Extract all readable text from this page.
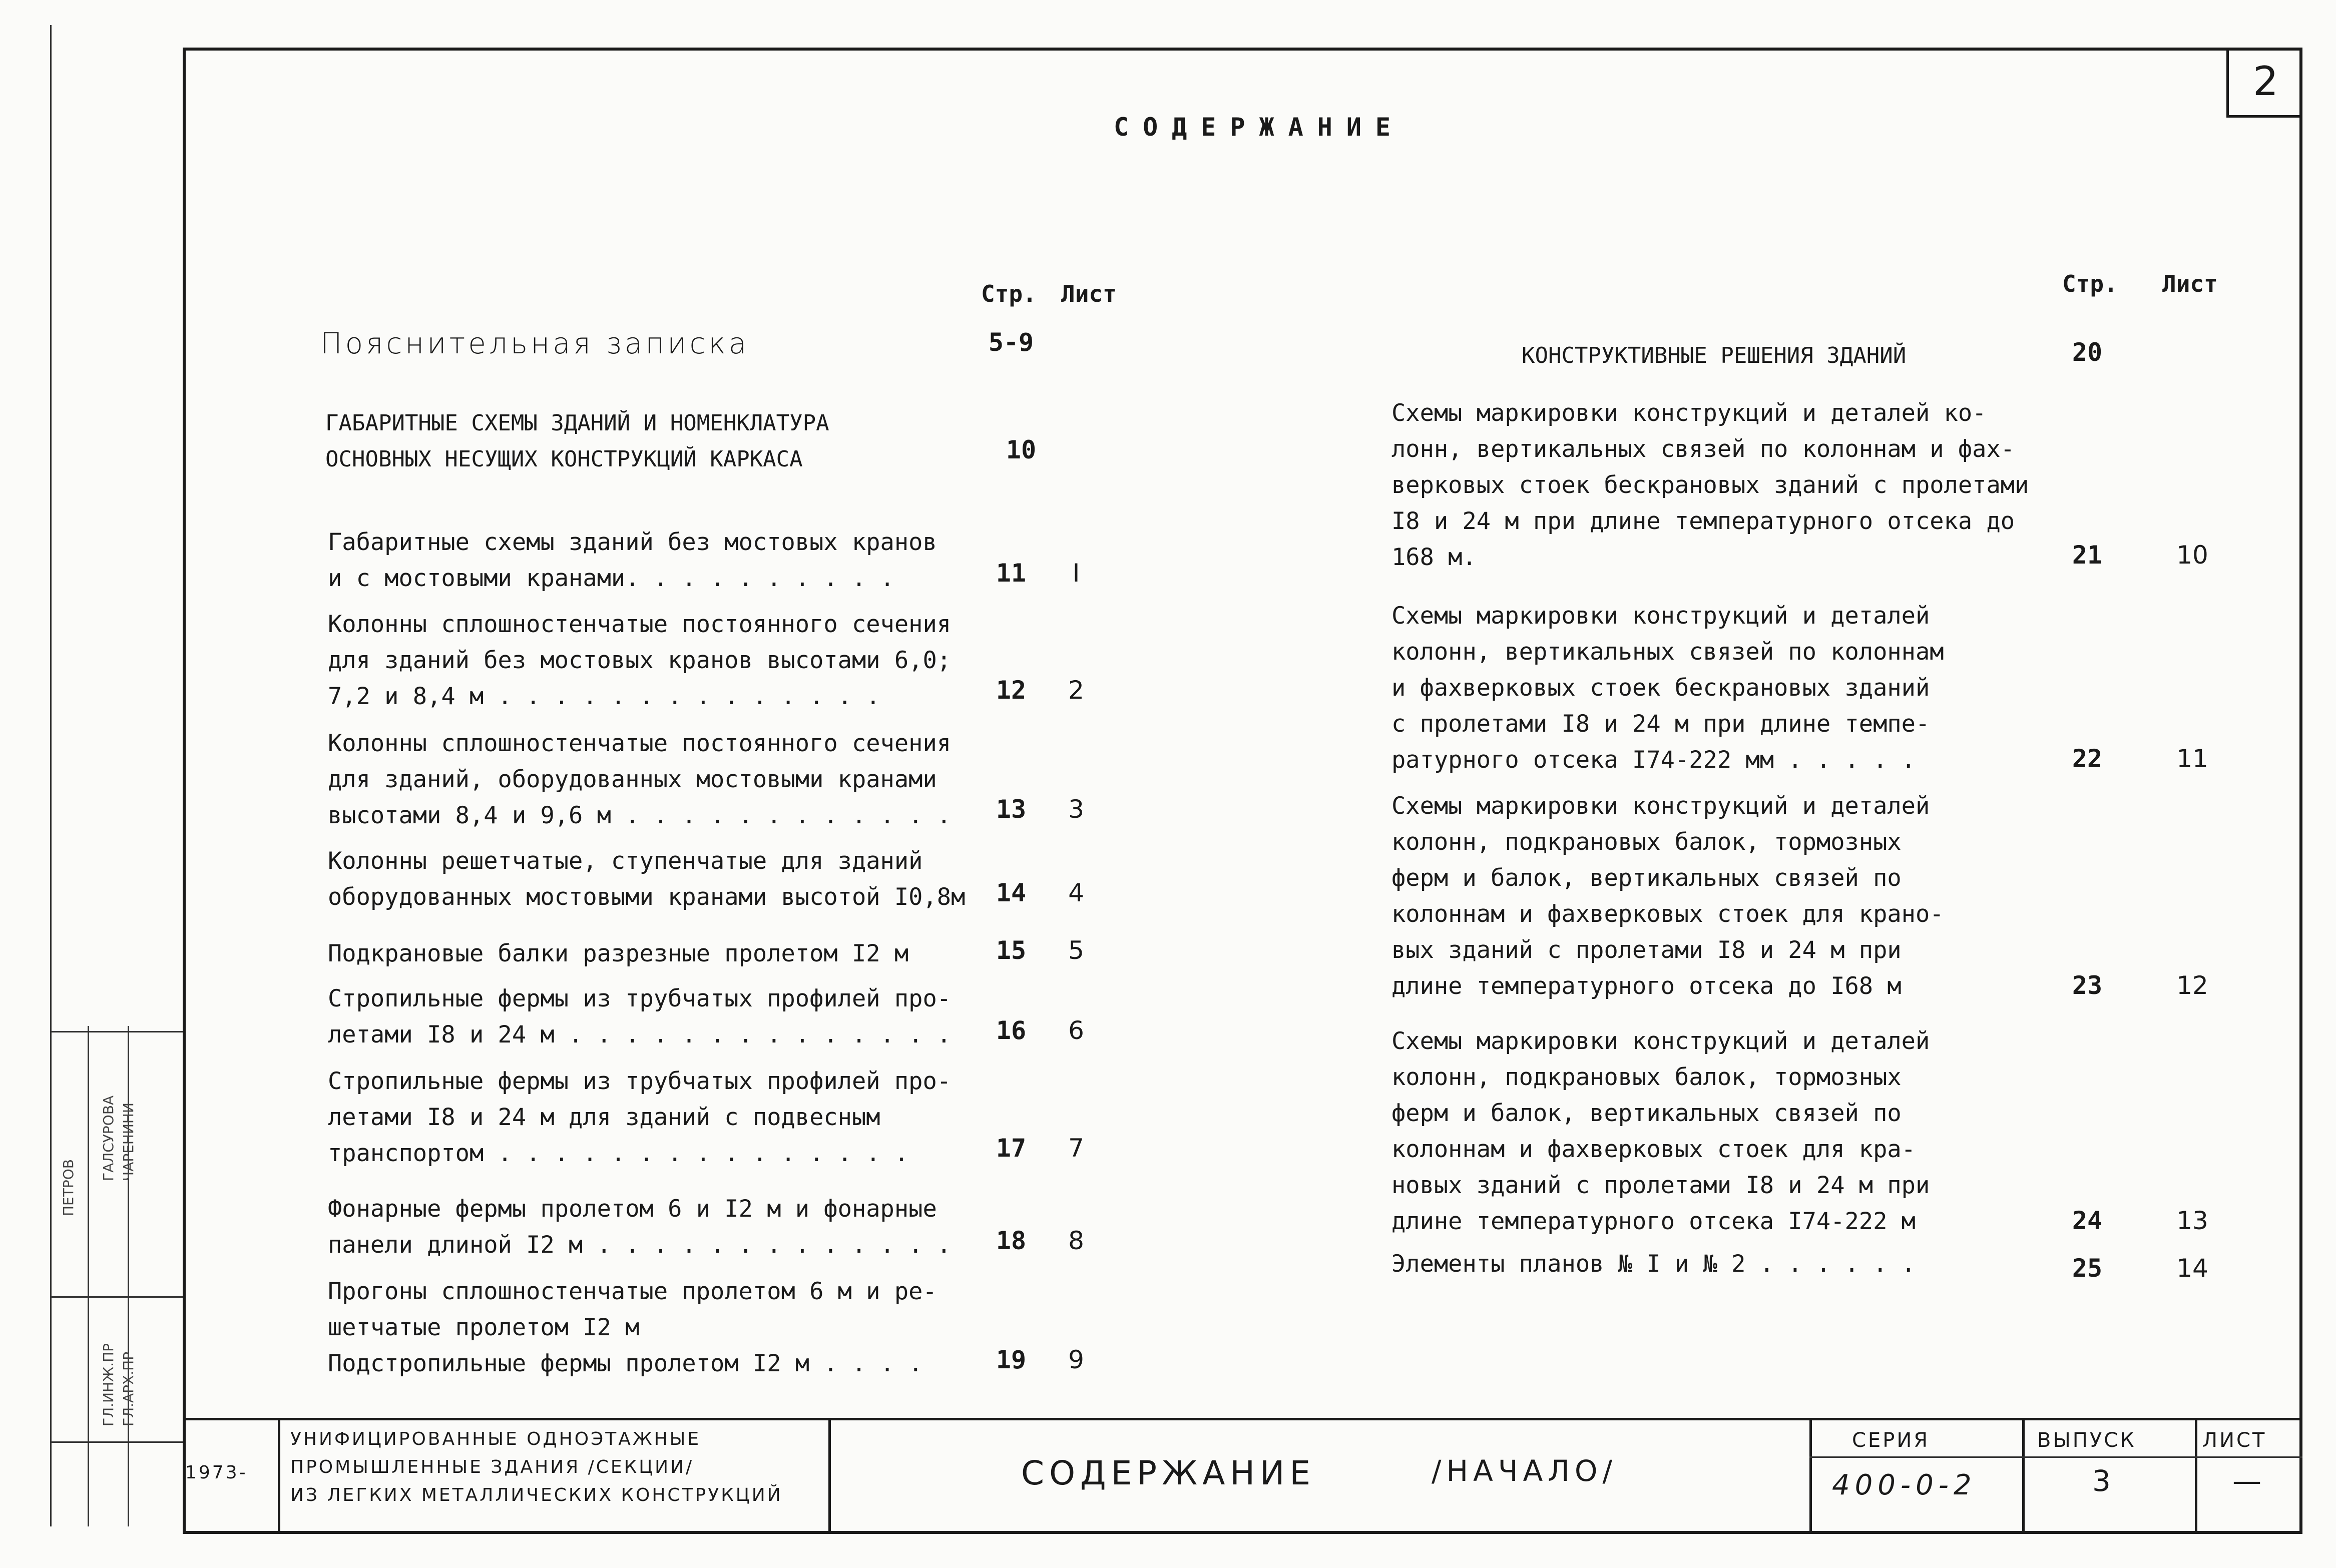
ПЕТРОВ
ГАЛСУРОВА ЧАРЕНИНИ
ГЛ.ИНЖ.ПР ГЛ.АРХ.ПР
2
СОДЕРЖАНИЕ
Стр. Лист	Стр. Лист
Пояснительная записка	5-9
ГАБАРИТНЫЕ СХЕМЫ ЗДАНИЙ И НОМЕНКЛАТУРА
ОСНОВНЫХ НЕСУЩИХ КОНСТРУКЦИЙ КАРКАСА	10
Габаритные схемы зданий без мостовых кранов
и с мостовыми кранами. . . . . . . . . .	11	I
Колонны сплошностенчатые постоянного сечения
для зданий без мостовых кранов высотами 6,0;
7,2 и 8,4 м . . . . . . . . . . . . . .	12	2
Колонны сплошностенчатые постоянного сечения
для зданий, оборудованных мостовыми кранами
высотами 8,4 и 9,6 м . . . . . . . . . . . .	13	3
Колонны решетчатые, ступенчатые для зданий
оборудованных мостовыми кранами высотой I0,8м	14	4
Подкрановые балки разрезные пролетом I2 м	15	5
Стропильные фермы из трубчатых профилей про-
летами I8 и 24 м . . . . . . . . . . . . . .	16	6
Стропильные фермы из трубчатых профилей про-
летами I8 и 24 м для зданий с подвесным
транспортом . . . . . . . . . . . . . . .	17	7
Фонарные фермы пролетом 6 и I2 м и фонарные
панели длиной I2 м . . . . . . . . . . . . .	18	8
Прогоны сплошностенчатые пролетом 6 м и ре-
шетчатые пролетом I2 м
Подстропильные фермы пролетом I2 м . . . .	19	9
КОНСТРУКТИВНЫЕ РЕШЕНИЯ ЗДАНИЙ	20
Схемы маркировки конструкций и деталей ко-
лонн, вертикальных связей по колоннам и фах-
верковых стоек бескрановых зданий с пролетами
I8 и 24 м при длине температурного отсека до
168 м.	21	10
Схемы маркировки конструкций и деталей
колонн, вертикальных связей по колоннам
и фахверковых стоек бескрановых зданий
с пролетами I8 и 24 м при длине темпе-
ратурного отсека I74-222 мм . . . . .	22	11
Схемы маркировки конструкций и деталей
колонн, подкрановых балок, тормозных
ферм и балок, вертикальных связей по
колоннам и фахверковых стоек для крано-
вых зданий с пролетами I8 и 24 м при
длине температурного отсека до I68 м	23	12
Схемы маркировки конструкций и деталей
колонн, подкрановых балок, тормозных
ферм и балок, вертикальных связей по
колоннам и фахверковых стоек для кра-
новых зданий с пролетами I8 и 24 м при
длине температурного отсека I74-222 м	24	13
Элементы планов № I и № 2 . . . . . .	25	14
1973-
УНИФИЦИРОВАННЫЕ ОДНОЭТАЖНЫЕ
ПРОМЫШЛЕННЫЕ ЗДАНИЯ /СЕКЦИИ/
ИЗ ЛЕГКИХ МЕТАЛЛИЧЕСКИХ КОНСТРУКЦИЙ
СОДЕРЖАНИЕ	/НАЧАЛО/
СЕРИЯ
400-0-2
ВЫПУСК
3
ЛИСТ
—
